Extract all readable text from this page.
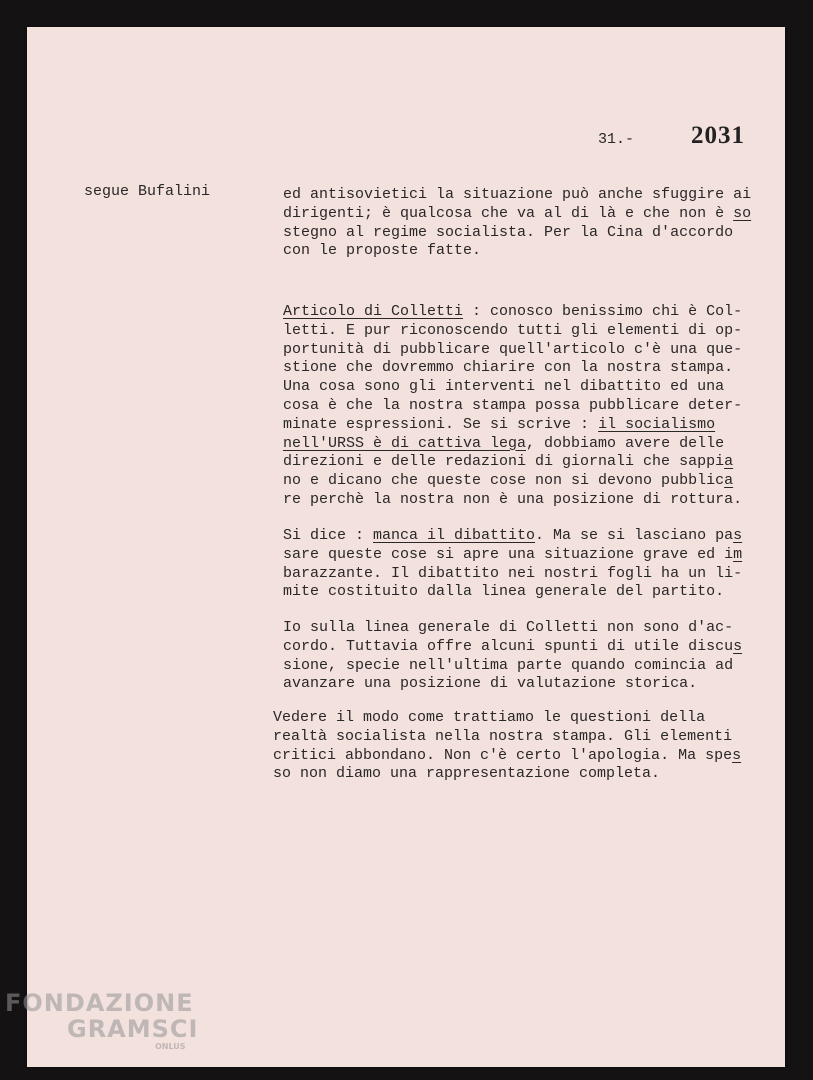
31.- 2031
segue Bufalini	ed antisovietici la situazione può anche sfuggire ai
dirigenti; è qualcosa che va al di là e che non è so
stegno al regime socialista. Per la Cina d'accordo
con le proposte fatte.
Articolo di Colletti : conosco benissimo chi è Col-
letti. E pur riconoscendo tutti gli elementi di op-
portunità di pubblicare quell'articolo c'è una que-
stione che dovremmo chiarire con la nostra stampa.
Una cosa sono gli interventi nel dibattito ed una
cosa è che la nostra stampa possa pubblicare deter-
minate espressioni. Se si scrive : il socialismo
nell'URSS è di cattiva lega, dobbiamo avere delle
direzioni e delle redazioni di giornali che sappia
no e dicano che queste cose non si devono pubblica
re perchè la nostra non è una posizione di rottura.
Si dice : manca il dibattito. Ma se si lasciano pas
sare queste cose si apre una situazione grave ed im
barazzante. Il dibattito nei nostri fogli ha un li-
mite costituito dalla linea generale del partito.
Io sulla linea generale di Colletti non sono d'ac-
cordo. Tuttavia offre alcuni spunti di utile discus
sione, specie nell'ultima parte quando comincia ad
avanzare una posizione di valutazione storica.
Vedere il modo come trattiamo le questioni della
realtà socialista nella nostra stampa. Gli elementi
critici abbondano. Non c'è certo l'apologia. Ma spes
so non diamo una rappresentazione completa.
FONDAZIONE
GRAMSCI
ONLUS
